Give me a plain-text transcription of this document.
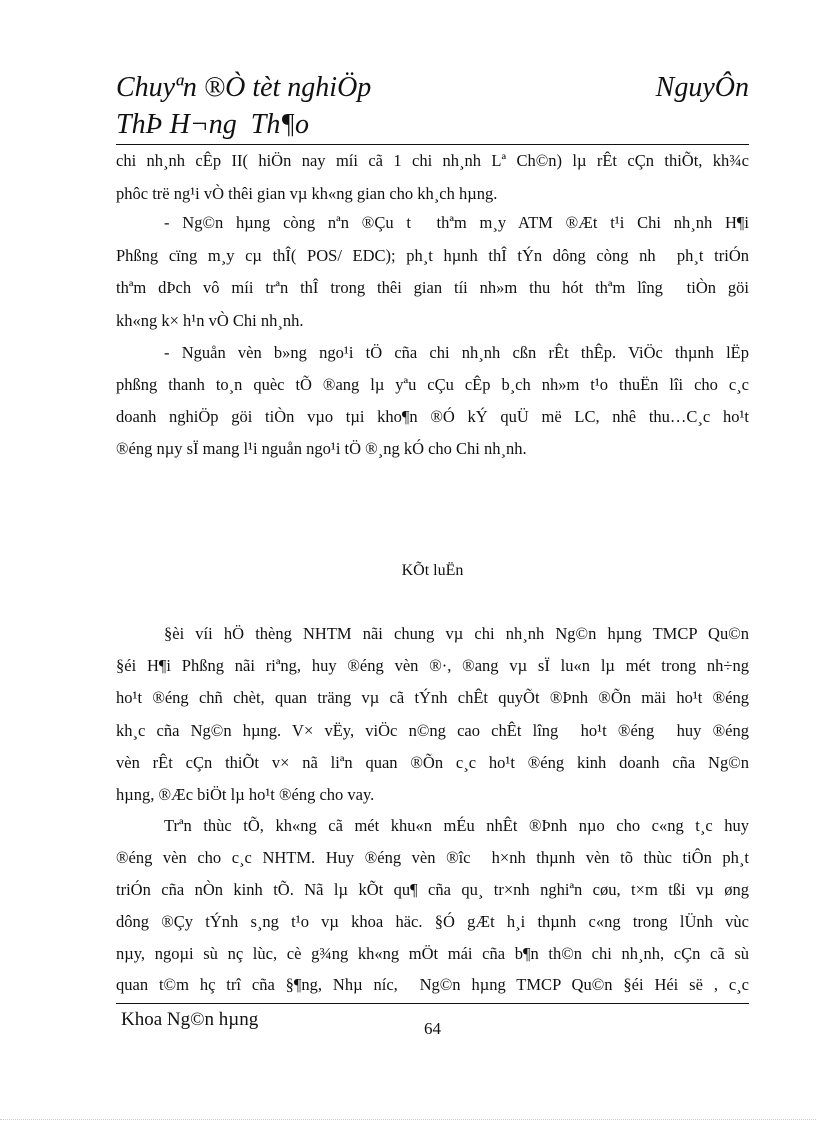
Chuyªn ®Ò tèt nghiÖp	NguyÔn
ThÞ H¬ng  Th¶o
chi nh¸nh cÊp II( hiÖn nay míi cã 1 chi nh¸nh Lª Ch©n) lµ rÊt cÇn thiÕt, kh¾c
phôc trë ng¹i vÒ thêi gian vµ kh«ng gian cho kh¸ch hµng.
- Ng©n hµng còng nªn ®Çu t  thªm m¸y ATM ®Æt t¹i Chi nh¸nh H¶i
Phßng cïng m¸y cµ thÎ( POS/ EDC); ph¸t hµnh thÎ tÝn dông còng nh  ph¸t triÓn
thªm dÞch vô míi trªn thÎ trong thêi gian tíi nh»m thu hót thªm lîng  tiÒn göi
kh«ng k× h¹n vÒ Chi nh¸nh.
- Nguån vèn b»ng ngo¹i tÖ cña chi nh¸nh cßn rÊt thÊp. ViÖc thµnh lËp
phßng thanh to¸n quèc tÕ ®ang lµ yªu cÇu cÊp b¸ch nh»m t¹o thuËn lîi cho c¸c
doanh nghiÖp göi tiÒn vµo tµi kho¶n ®Ó kÝ quÜ më LC, nhê thu…C¸c ho¹t
®éng nµy sÏ mang l¹i nguån ngo¹i tÖ ®¸ng kÓ cho Chi nh¸nh.
KÕt luËn
§èi víi hÖ thèng NHTM nãi chung vµ chi nh¸nh Ng©n hµng TMCP Qu©n
§éi H¶i Phßng nãi riªng, huy ®éng vèn ®·, ®ang vµ sÏ lu«n lµ mét trong nh÷ng
ho¹t ®éng chñ chèt, quan träng vµ cã tÝnh chÊt quyÕt ®Þnh ®Õn mäi ho¹t ®éng
kh¸c cña Ng©n hµng. V× vËy, viÖc n©ng cao chÊt lîng  ho¹t ®éng  huy ®éng
vèn rÊt cÇn thiÕt v× nã liªn quan ®Õn c¸c ho¹t ®éng kinh doanh cña Ng©n
hµng, ®Æc biÖt lµ ho¹t ®éng cho vay.
Trªn thùc tÕ, kh«ng cã mét khu«n mÉu nhÊt ®Þnh nµo cho c«ng t¸c huy
®éng vèn cho c¸c NHTM. Huy ®éng vèn ®îc  h×nh thµnh vèn tõ thùc tiÔn ph¸t
triÓn cña nÒn kinh tÕ. Nã lµ kÕt qu¶ cña qu¸ tr×nh nghiªn cøu, t×m tßi vµ øng
dông ®Çy tÝnh s¸ng t¹o vµ khoa häc. §Ó gÆt h¸i thµnh c«ng trong lÜnh vùc
nµy, ngoµi sù nç lùc, cè g¾ng kh«ng mÖt mái cña b¶n th©n chi nh¸nh, cÇn cã sù
quan t©m hç trî cña §¶ng, Nhµ níc,  Ng©n hµng TMCP Qu©n §éi Héi së , c¸c
Khoa Ng©n hµng	64
